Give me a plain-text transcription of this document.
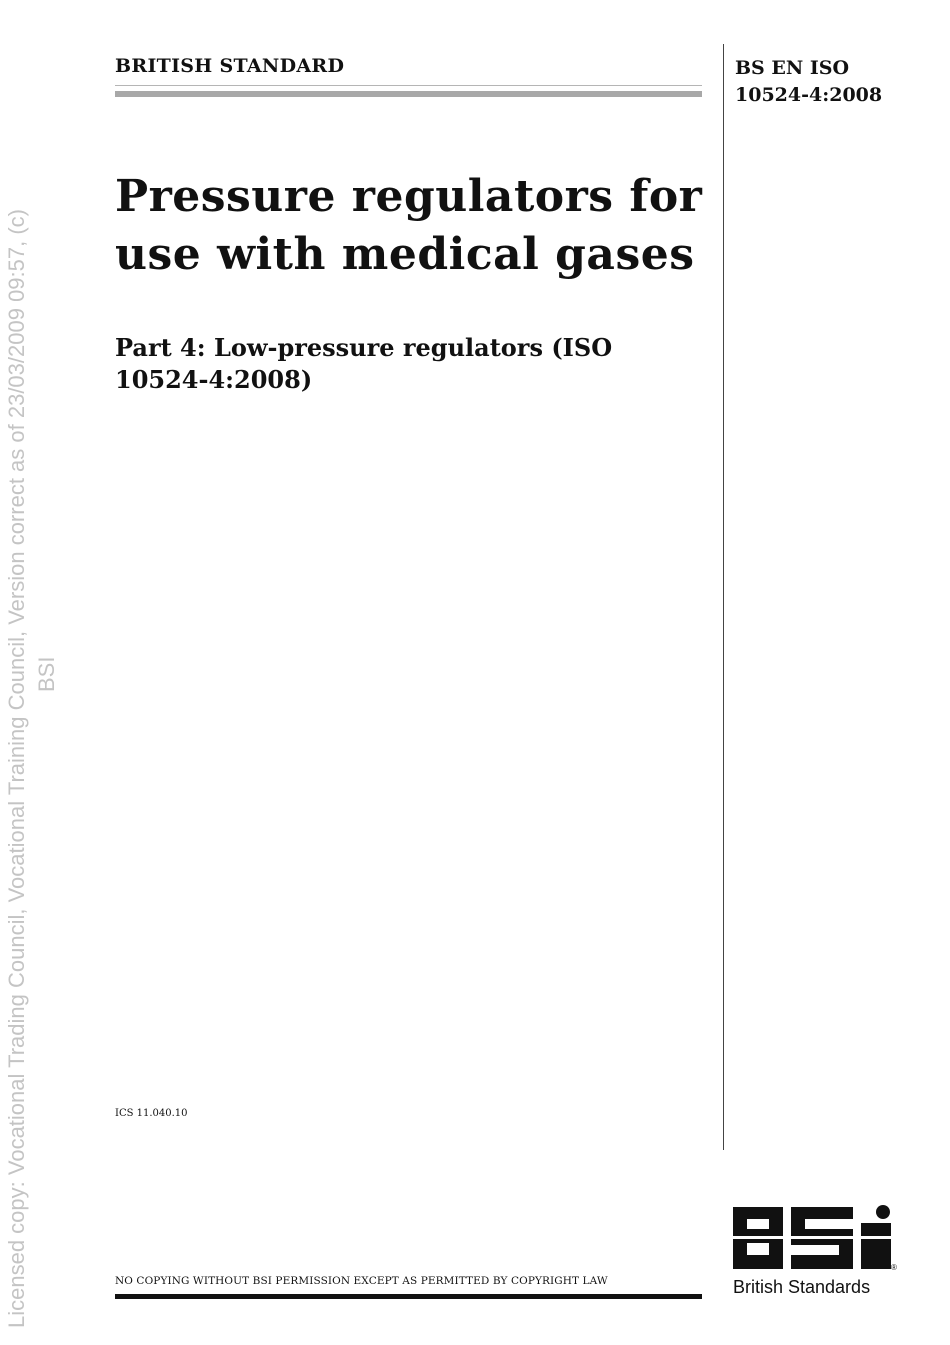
Licensed copy: Vocational Trading Council, Vocational Training Council, Version correct as of 23/03/2009 09:57, (c) BSI
BRITISH STANDARD	BS EN ISO
10524-4:2008
Pressure regulators for
use with medical gases
Part 4: Low-pressure regulators (ISO
10524-4:2008)
ICS 11.040.10
NO COPYING WITHOUT BSI PERMISSION EXCEPT AS PERMITTED BY COPYRIGHT LAW
®
British Standards
